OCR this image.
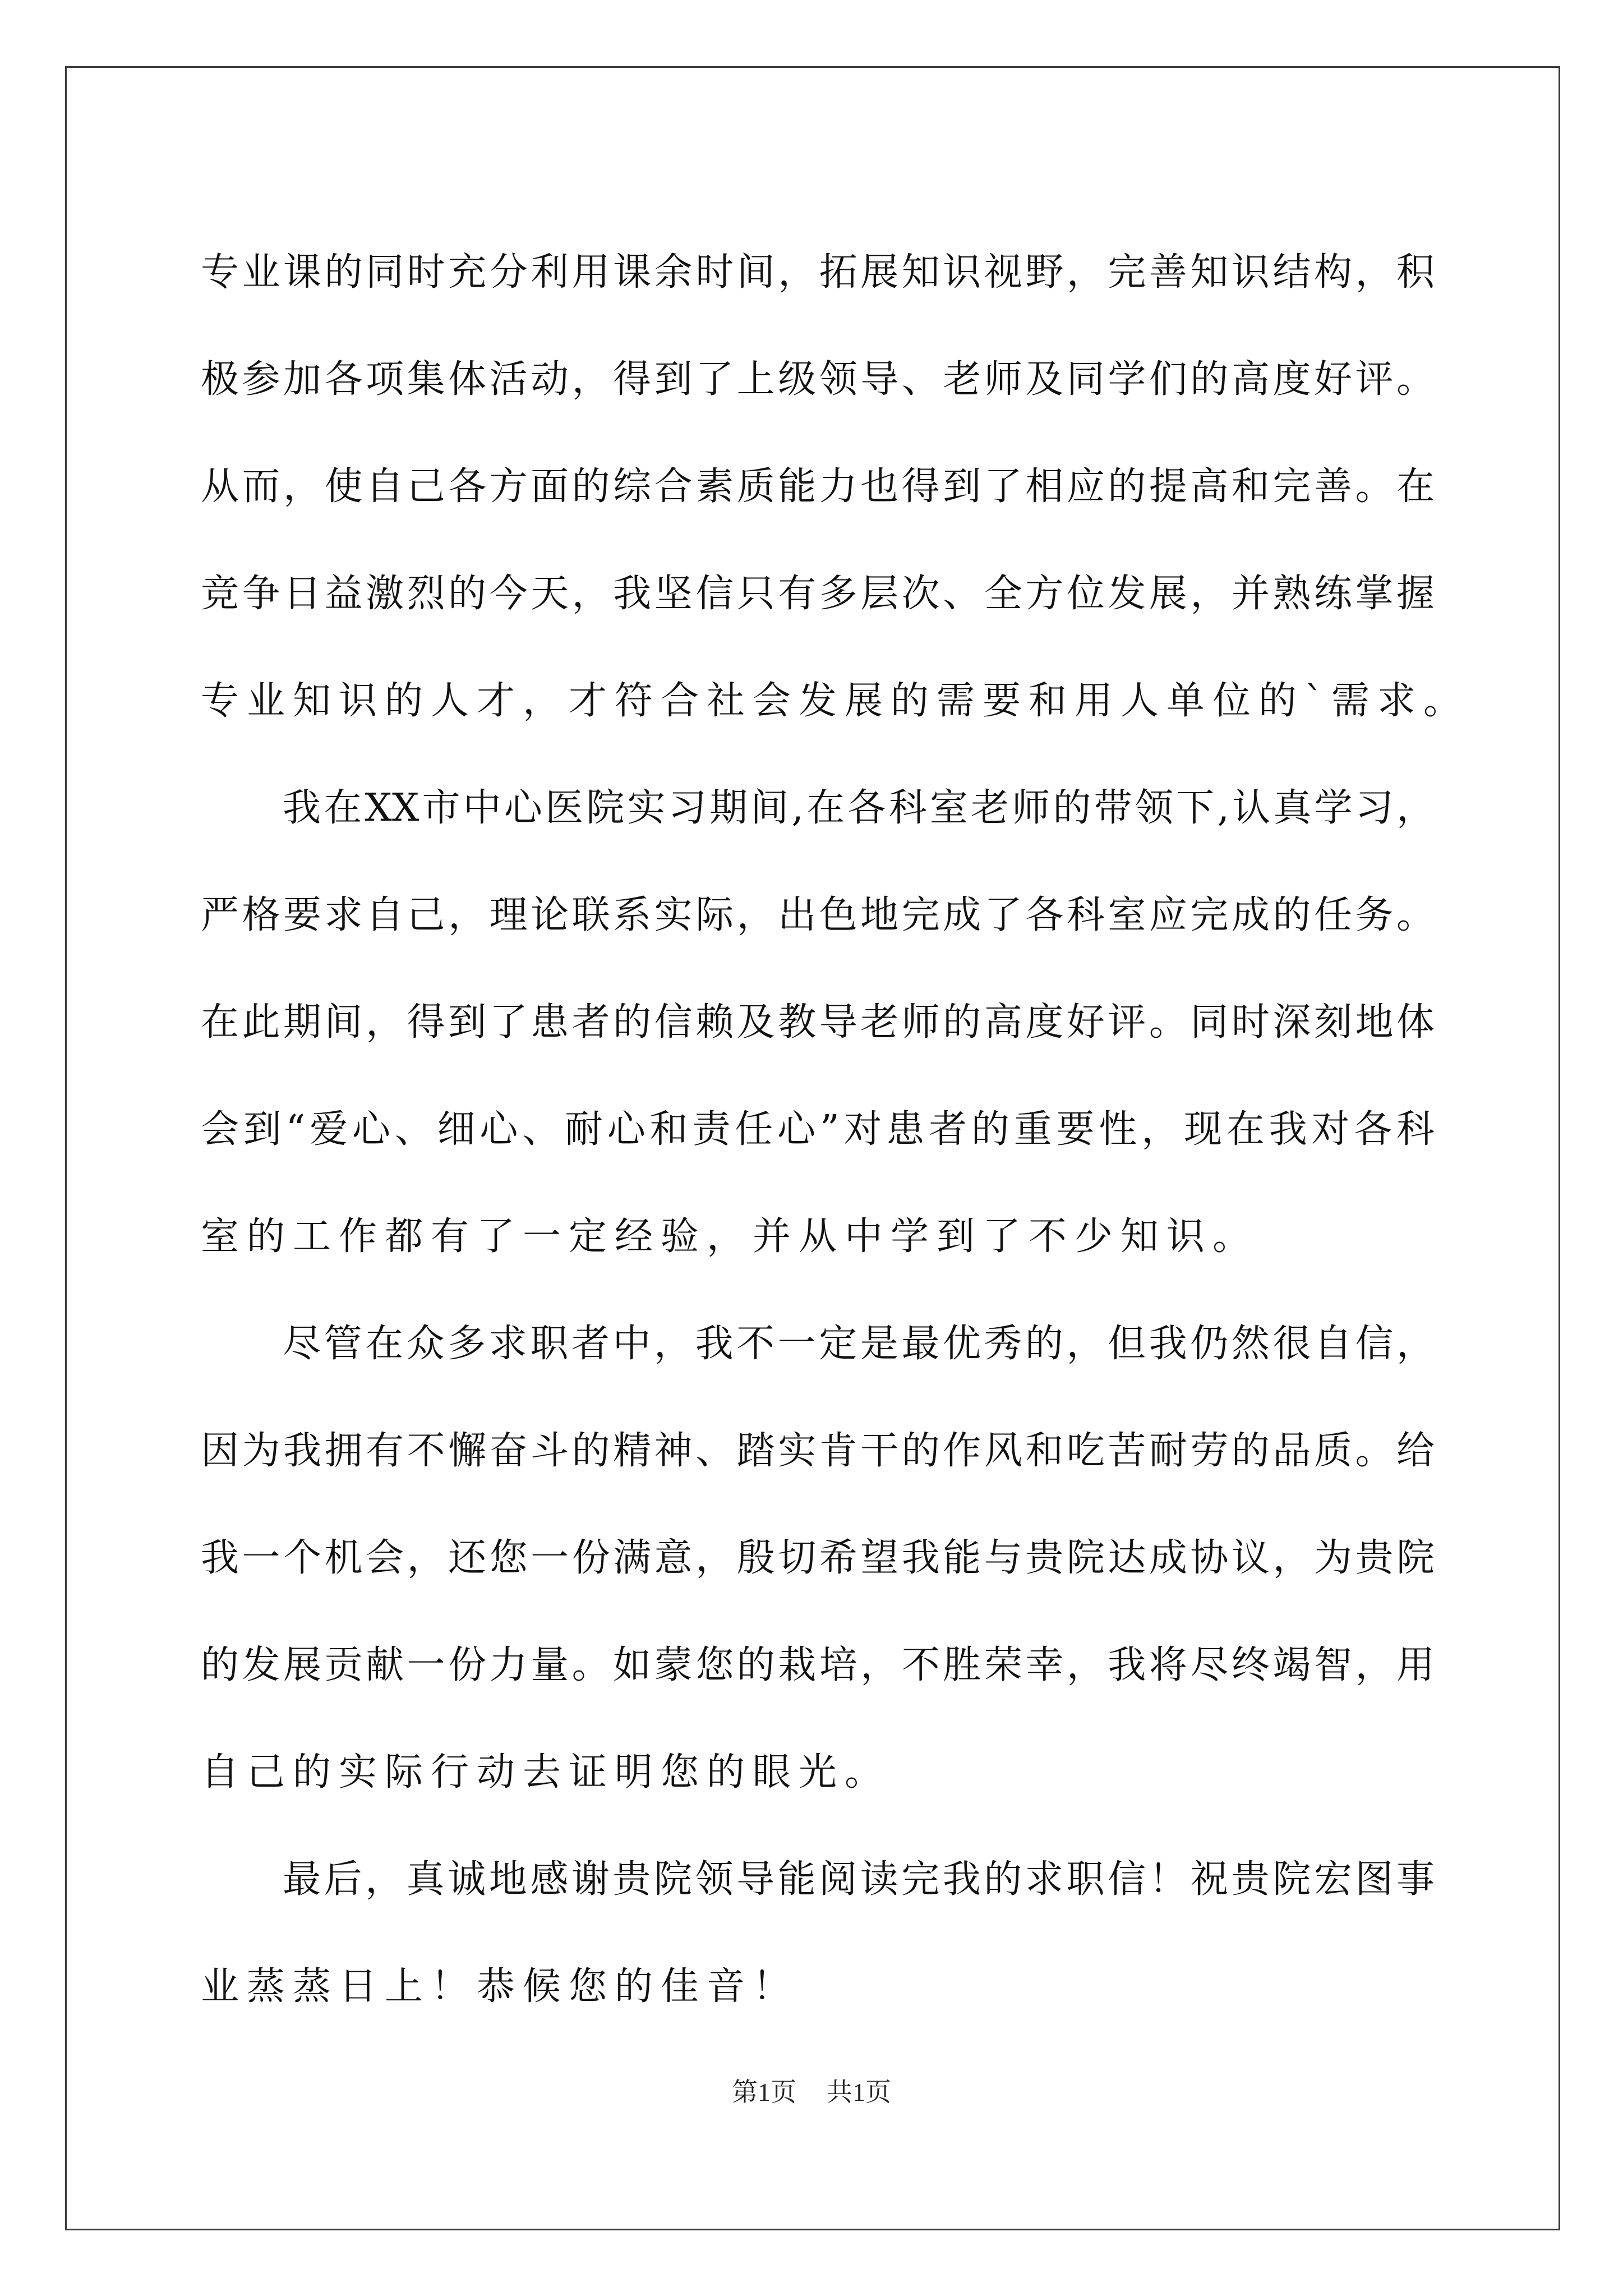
专业课的同时充分利用课余时间，拓展知识视野，完善知识结构，积
极参加各项集体活动，得到了上级领导、老师及同学们的高度好评。
从而，使自己各方面的综合素质能力也得到了相应的提高和完善。在
竞争日益激烈的今天，我坚信只有多层次、全方位发展，并熟练掌握
专业知识的人才，才符合社会发展的需要和用人单位的`需求。
我在XX市中心医院实习期间,在各科室老师的带领下,认真学习，
严格要求自己，理论联系实际，出色地完成了各科室应完成的任务。
在此期间，得到了患者的信赖及教导老师的高度好评。同时深刻地体
会到“爱心、细心、耐心和责任心”对患者的重要性，现在我对各科
室的工作都有了一定经验，并从中学到了不少知识。
尽管在众多求职者中，我不一定是最优秀的，但我仍然很自信，
因为我拥有不懈奋斗的精神、踏实肯干的作风和吃苦耐劳的品质。给
我一个机会，还您一份满意，殷切希望我能与贵院达成协议，为贵院
的发展贡献一份力量。如蒙您的栽培，不胜荣幸，我将尽终竭智，用
自己的实际行动去证明您的眼光。
最后，真诚地感谢贵院领导能阅读完我的求职信！祝贵院宏图事
业蒸蒸日上！恭候您的佳音！
第1页 共1页
